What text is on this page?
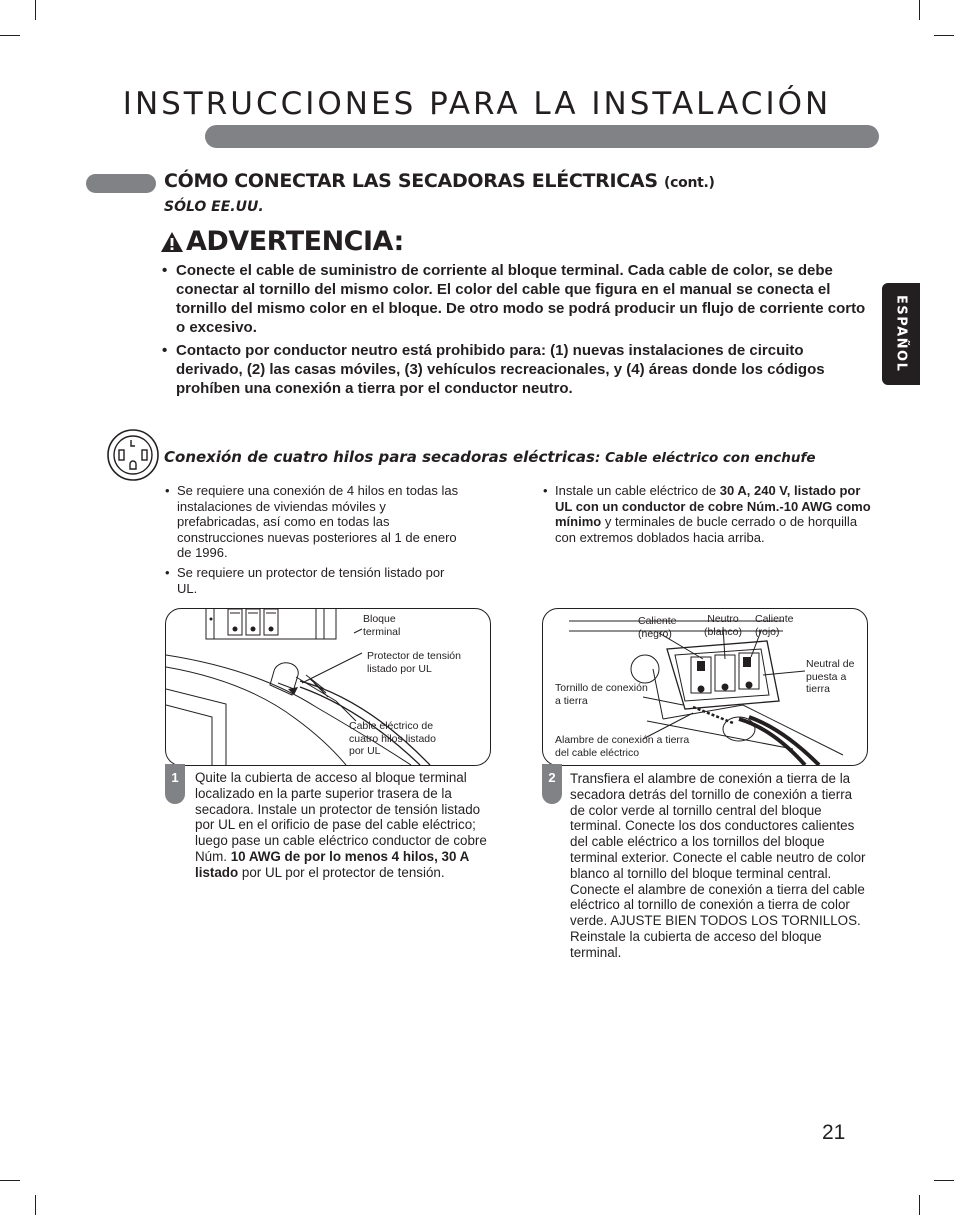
INSTRUCCIONES PARA LA INSTALACIÓN
CÓMO CONECTAR LAS SECADORAS ELÉCTRICAS (cont.)
SÓLO EE.UU.
ESPAÑOL
ADVERTENCIA:
• Conecte el cable de suministro de corriente al bloque terminal. Cada cable de color, se debe conectar al tornillo del mismo color. El color del cable que figura en el manual se conecta el tornillo del mismo color en el bloque. De otro modo se podrá producir un flujo de corriente corto o excesivo.
• Contacto por conductor neutro está prohibido para: (1) nuevas instalaciones de circuito derivado, (2) las casas móviles, (3) vehículos recreacionales, y (4) áreas donde los códigos prohíben una conexión a tierra por el conductor neutro.
Conexión de cuatro hilos para secadoras eléctricas: Cable eléctrico con enchufe
• Se requiere una conexión de 4 hilos en todas las instalaciones de viviendas móviles y prefabricadas, así como en todas las construcciones nuevas posteriores al 1 de enero de 1996.
• Se requiere un protector de tensión listado por UL.
• Instale un cable eléctrico de 30 A, 240 V, listado por UL con un conductor de cobre Núm.-10 AWG como mínimo y terminales de bucle cerrado o de horquilla con extremos doblados hacia arriba.
Bloque terminal
Protector de tensión listado por UL
Cable eléctrico de cuatro hilos listado por UL
Caliente (negro)
Neutro (blanco)
Caliente (rojo)
Neutral de puesta a tierra
Tornillo de conexión a tierra
Alambre de conexión a tierra del cable eléctrico
1	Quite la cubierta de acceso al bloque terminal localizado en la parte superior trasera de la secadora. Instale un protector de tensión listado por UL en el orificio de pase del cable eléctrico; luego pase un cable eléctrico conductor de cobre Núm. 10 AWG de por lo menos 4 hilos, 30 A listado por UL por el protector de tensión.
2	Transfiera el alambre de conexión a tierra de la secadora detrás del tornillo de conexión a tierra de color verde al tornillo central del bloque terminal. Conecte los dos conductores calientes del cable eléctrico a los tornillos del bloque terminal exterior. Conecte el cable neutro de color blanco al tornillo del bloque terminal central. Conecte el alambre de conexión a tierra del cable eléctrico al tornillo de conexión a tierra de color verde. AJUSTE BIEN TODOS LOS TORNILLOS. Reinstale la cubierta de acceso del bloque terminal.
21
